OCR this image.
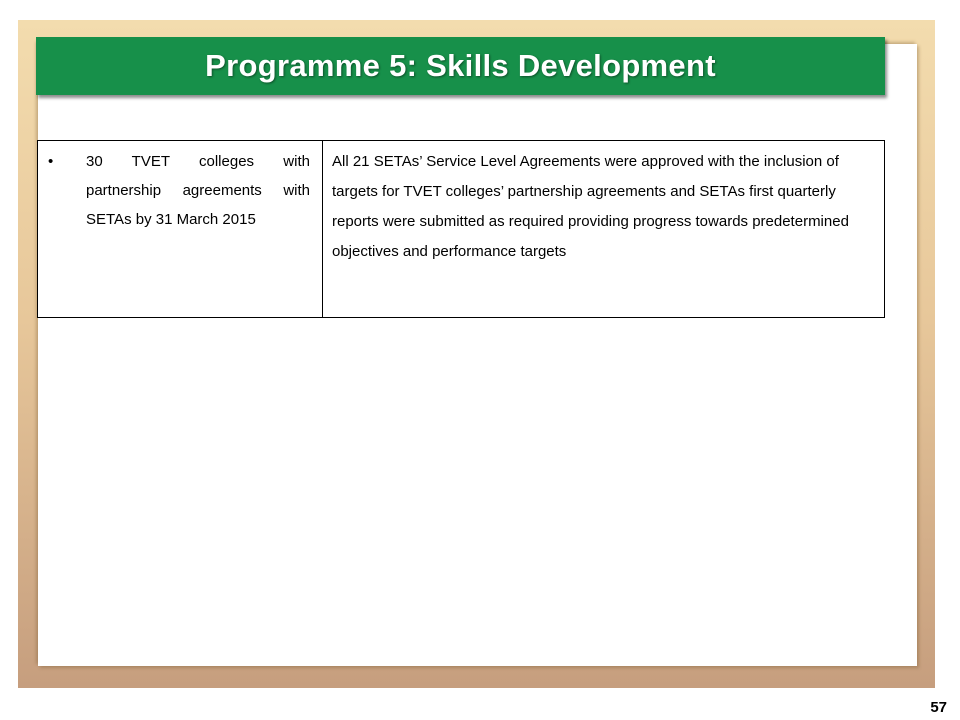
Programme 5: Skills Development
•	30 TVET colleges with partnership agreements with SETAs by 31 March 2015
All 21 SETAs’ Service Level Agreements were approved with the inclusion of targets for TVET colleges’ partnership agreements and SETAs first quarterly reports were submitted as required providing progress towards predetermined objectives and performance targets
57
